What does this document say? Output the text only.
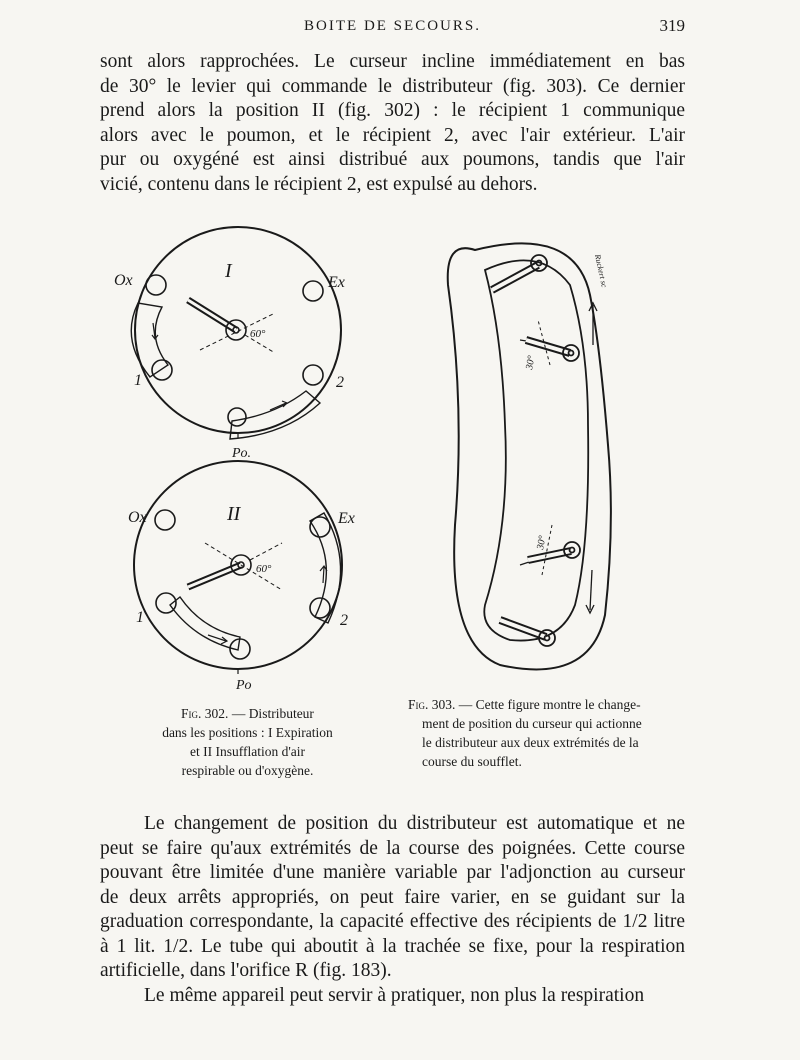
BOITE DE SECOURS.	319
sont alors rapprochées. Le curseur incline immédiatement en bas
de 30° le levier qui commande le distributeur (fig. 303). Ce dernier
prend alors la position II (fig. 302) : le récipient 1 communique
alors avec le poumon, et le récipient 2, avec l'air extérieur. L'air
pur ou oxygéné est ainsi distribué aux poumons, tandis que l'air
vicié, contenu dans le récipient 2, est expulsé au dehors.
I
Ox	Ex
1	2
Po.
60°
II
Ox	Ex
1	2
Po
60°
30°
30°
Ruckert sc
Fig. 302. — Distributeur
dans les positions : I Expiration
et II Insufflation d'air
respirable ou d'oxygène.
Fig. 303. — Cette figure montre le change-
ment de position du curseur qui actionne
le distributeur aux deux extrémités de la
course du soufflet.
Le changement de position du distributeur est automatique et ne
peut se faire qu'aux extrémités de la course des poignées. Cette course
pouvant être limitée d'une manière variable par l'adjonction au curseur
de deux arrêts appropriés, on peut faire varier, en se guidant sur la
graduation correspondante, la capacité effective des récipients de 1/2 litre
à 1 lit. 1/2. Le tube qui aboutit à la trachée se fixe, pour la respiration
artificielle, dans l'orifice R (fig. 183).
Le même appareil peut servir à pratiquer, non plus la respiration
